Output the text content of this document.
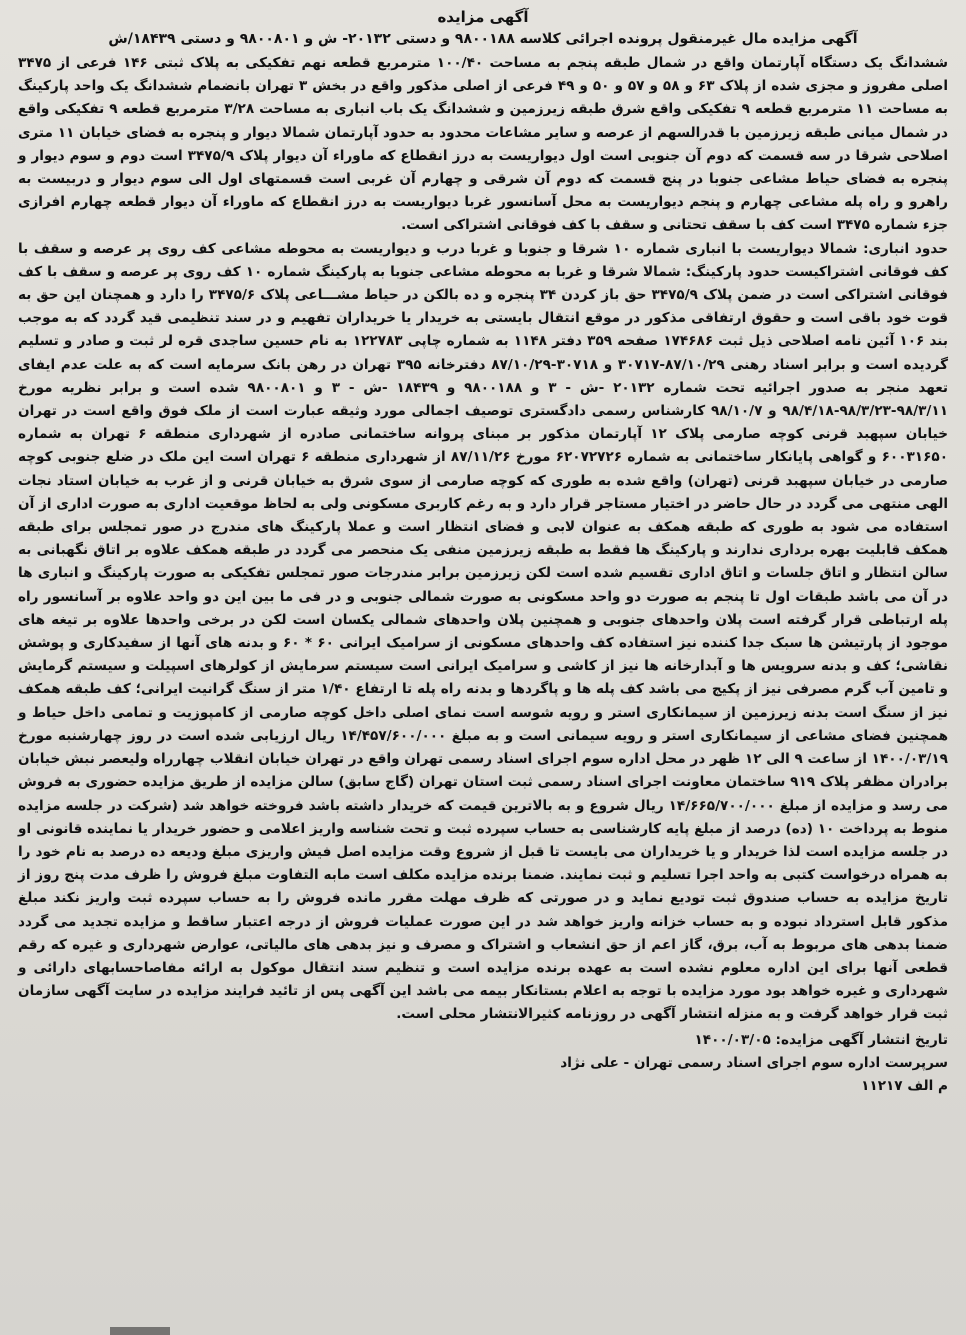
آگهی مزایده
آگهی مزایده مال غیرمنقول پرونده اجرائی کلاسه ۹۸۰۰۱۸۸ و دستی ۲۰۱۳۲- ش و ۹۸۰۰۸۰۱ و دستی ۱۸۴۳۹/ش

ششدانگ یک دستگاه آپارتمان واقع در شمال طبقه پنجم به مساحت ۱۰۰/۴۰ مترمربع قطعه نهم تفکیکی به پلاک ثبتی ۱۴۶ فرعی از ۳۴۷۵ اصلی مفروز و مجزی شده از پلاک ۶۳ و ۵۸ و ۵۷ و ۵۰ و ۴۹ فرعی از اصلی مذکور واقع در بخش ۳ تهران بانضمام ششدانگ یک واحد پارکینگ به مساحت ۱۱ مترمربع قطعه ۹ تفکیکی واقع شرق طبقه زیرزمین و ششدانگ یک باب انباری به مساحت ۳/۲۸ مترمربع قطعه ۹ تفکیکی واقع در شمال میانی طبقه زیرزمین با قدرالسهم از عرصه و سایر مشاعات محدود به حدود آپارتمان شمالا دیوار و پنجره به فضای خیابان ۱۱ متری اصلاحی شرقا در سه قسمت که دوم آن جنوبی است اول دیواریست به درز انقطاع که ماوراء آن دیوار پلاک ۳۴۷۵/۹ است دوم و سوم دیوار و پنجره به فضای حیاط مشاعی جنوبا در پنج قسمت که دوم آن شرقی و چهارم آن غربی است قسمتهای اول الی سوم دیوار و دربیست به راهرو و راه پله مشاعی چهارم و پنجم دیواریست به محل آسانسور غربا دیواریست به درز انقطاع که ماوراء آن دیوار قطعه چهارم افرازی جزء شماره ۳۴۷۵ است کف با سقف تحتانی و سقف با کف فوقانی اشتراکی است.

حدود انباری: شمالا دیواریست با انباری شماره ۱۰ شرقا و جنوبا و غربا درب و دیواریست به محوطه مشاعی کف روی پر عرصه و سقف با کف فوقانی اشتراکیست حدود پارکینگ: شمالا شرقا و غربا به محوطه مشاعی جنوبا به پارکینگ شماره ۱۰ کف روی پر عرصه و سقف با کف فوقانی اشتراکی است در ضمن پلاک ۳۴۷۵/۹ حق باز کردن ۳۴ پنجره و ده بالکن در حیاط مشـــاعی پلاک ۳۴۷۵/۶ را دارد و همچنان این حق به قوت خود باقی است و حقوق ارتفاقی مذکور در موقع انتقال بایستی به خریدار یا خریداران تفهیم و در سند تنظیمی قید گردد که به موجب بند ۱۰۶ آئین نامه اصلاحی ذیل ثبت ۱۷۴۶۸۶ صفحه ۳۵۹ دفتر ۱۱۴۸ به شماره چاپی ۱۲۲۷۸۳ به نام حسین ساجدی قره لر ثبت و صادر و تسلیم گردیده است و برابر اسناد رهنی ۸۷/۱۰/۲۹-۳۰۷۱۷ و ۳۰۷۱۸-۸۷/۱۰/۲۹ دفترخانه ۳۹۵ تهران در رهن بانک سرمایه است که به علت عدم ایفای تعهد منجر به صدور اجرائیه تحت شماره ۲۰۱۳۲ -ش - ۳ و ۹۸۰۰۱۸۸ و ۱۸۴۳۹ -ش - ۳ و ۹۸۰۰۸۰۱ شده است و برابر نظریه مورخ ۹۸/۳/۱۱-۹۸/۳/۲۳-۹۸/۴/۱۸ و ۹۸/۱۰/۷ کارشناس رسمی دادگستری توصیف اجمالی مورد وثیقه عبارت است از ملک فوق واقع است در تهران خیابان سپهبد قرنی کوچه صارمی پلاک ۱۲ آپارتمان مذکور بر مبنای پروانه ساختمانی صادره از شهرداری منطقه ۶ تهران به شماره ۶۰۰۳۱۶۵۰ و گواهی پایانکار ساختمانی به شماره ۶۲۰۷۲۷۲۶ مورخ ۸۷/۱۱/۲۶ از شهرداری منطقه ۶ تهران است این ملک در ضلع جنوبی کوچه صارمی در خیابان سپهبد قرنی (تهران) واقع شده به طوری که کوچه صارمی از سوی شرق به خیابان قرنی و از غرب به خیابان استاد نجات الهی منتهی می گردد در حال حاضر در اختیار مستاجر قرار دارد و به رغم کاربری مسکونی ولی به لحاظ موقعیت اداری به صورت اداری از آن استفاده می شود به طوری که طبقه همکف به عنوان لابی و فضای انتظار است و عملا پارکینگ های مندرج در صور تمجلس برای طبقه همکف قابلیت بهره برداری ندارند و پارکینگ ها فقط به طبقه زیرزمین منفی یک منحصر می گردد در طبقه همکف علاوه بر اتاق نگهبانی به سالن انتظار و اتاق جلسات و اتاق اداری تقسیم شده است لکن زیرزمین برابر مندرجات صور تمجلس تفکیکی به صورت پارکینگ و انباری ها در آن می باشد طبقات اول تا پنجم به صورت دو واحد مسکونی به صورت شمالی جنوبی و در فی ما بین این دو واحد علاوه بر آسانسور راه پله ارتباطی قرار گرفته است پلان واحدهای جنوبی و همچنین پلان واحدهای شمالی یکسان است لکن در برخی واحدها علاوه بر تیغه های موجود از پارتیشن ها سبک جدا کننده نیز استفاده کف واحدهای مسکونی از سرامیک ایرانی ۶۰ * ۶۰ و بدنه های آنها از سفیدکاری و پوشش نقاشی؛ کف و بدنه سرویس ها و آبدارخانه ها نیز از کاشی و سرامیک ایرانی است سیستم سرمایش از کولرهای اسپیلت و سیستم گرمایش و تامین آب گرم مصرفی نیز از پکیج می باشد کف پله ها و پاگردها و بدنه راه پله تا ارتفاع ۱/۴۰ متر از سنگ گرانیت ایرانی؛ کف طبقه همکف نیز از سنگ است بدنه زیرزمین از سیمانکاری استر و رویه شوسه است نمای اصلی داخل کوچه صارمی از کامپوزیت و تمامی داخل حیاط و همچنین فضای مشاعی از سیمانکاری استر و رویه سیمانی است و به مبلغ ۱۴/۴۵۷/۶۰۰/۰۰۰ ریال ارزیابی شده است در روز چهارشنبه مورخ ۱۴۰۰/۰۳/۱۹ از ساعت ۹ الی ۱۲ ظهر در محل اداره سوم اجرای اسناد رسمی تهران واقع در تهران خیابان انقلاب چهارراه ولیعصر نبش خیابان برادران مظفر پلاک ۹۱۹ ساختمان معاونت اجرای اسناد رسمی ثبت استان تهران (گاج سابق) سالن مزایده از طریق مزایده حضوری به فروش می رسد و مزایده از مبلغ ۱۴/۶۶۵/۷۰۰/۰۰۰ ریال شروع و به بالاترین قیمت که خریدار داشته باشد فروخته خواهد شد (شرکت در جلسه مزایده منوط به پرداخت ۱۰ (ده) درصد از مبلغ پایه کارشناسی به حساب سپرده ثبت و تحت شناسه واریز اعلامی و حضور خریدار یا نماینده قانونی او در جلسه مزایده است لذا خریدار و یا خریداران می بایست تا قبل از شروع وقت مزایده اصل فیش واریزی مبلغ ودیعه ده درصد به نام خود را به همراه درخواست کتبی به واحد اجرا تسلیم و ثبت نمایند. ضمنا برنده مزایده مکلف است مابه التفاوت مبلغ فروش را ظرف مدت پنج روز از تاریخ مزایده به حساب صندوق ثبت تودیع نماید و در صورتی که ظرف مهلت مقرر مانده فروش را به حساب سپرده ثبت واریز نکند مبلغ مذکور قابل استرداد نبوده و به حساب خزانه واریز خواهد شد در این صورت عملیات فروش از درجه اعتبار ساقط و مزایده تجدید می گردد ضمنا بدهی های مربوط به آب، برق، گاز اعم از حق انشعاب و اشتراک و مصرف و نیز بدهی های مالیاتی، عوارض شهرداری و غیره که رقم قطعی آنها برای این اداره معلوم نشده است به عهده برنده مزایده است و تنظیم سند انتقال موکول به ارائه مفاصاحسابهای دارائی و شهرداری و غیره خواهد بود مورد مزایده با توجه به اعلام بستانکار بیمه می باشد این آگهی پس از تائید فرایند مزایده در سایت آگهی سازمان ثبت قرار خواهد گرفت و به منزله انتشار آگهی در روزنامه کثیرالانتشار محلی است.

تاریخ انتشار آگهی مزایده: ۱۴۰۰/۰۳/۰۵
سرپرست اداره سوم اجرای اسناد رسمی تهران - علی نژاد
م الف ۱۱۲۱۷
